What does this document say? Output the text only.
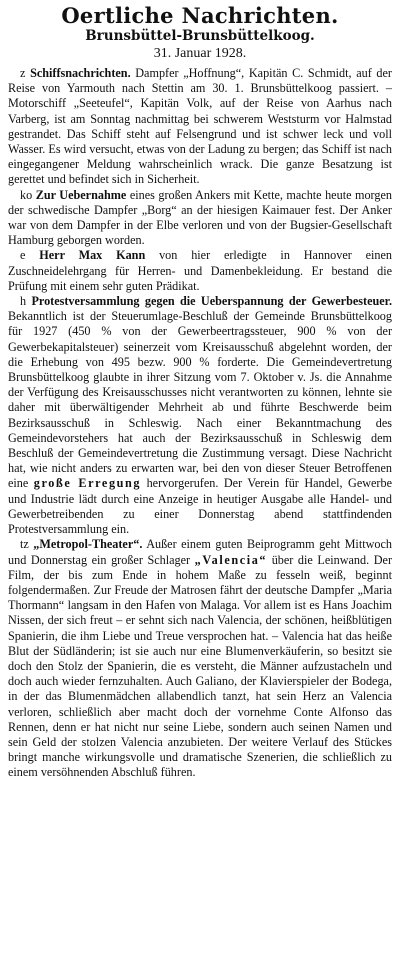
Oertliche Nachrichten.
Brunsbüttel-Brunsbüttelkoog.
31. Januar 1928.

z Schiffsnachrichten. Dampfer „Hoffnung“, Kapitän C. Schmidt, auf der Reise von Yarmouth nach Stettin am 30. 1. Brunsbüttelkoog passiert. – Motorschiff „Seeteufel“, Kapitän Volk, auf der Reise von Aarhus nach Varberg, ist am Sonntag nachmittag bei schwerem Weststurm vor Halmstad gestrandet. Das Schiff steht auf Felsengrund und ist schwer leck und voll Wasser. Es wird versucht, etwas von der Ladung zu bergen; das Schiff ist nach eingegangener Meldung wahrscheinlich wrack. Die ganze Besatzung ist gerettet und befindet sich in Sicherheit.

ko Zur Uebernahme eines großen Ankers mit Kette, machte heute morgen der schwedische Dampfer „Borg“ an der hiesigen Kaimauer fest. Der Anker war von dem Dampfer in der Elbe verloren und von der Bugsier-Gesellschaft Hamburg geborgen worden.

e Herr Max Kann von hier erledigte in Hannover einen Zuschneidelehrgang für Herren- und Damenbekleidung. Er bestand die Prüfung mit einem sehr guten Prädikat.

h Protestversammlung gegen die Ueberspannung der Gewerbesteuer. Bekanntlich ist der Steuerumlage-Beschluß der Gemeinde Brunsbüttelkoog für 1927 (450 % von der Gewerbeertragssteuer, 900 % von der Gewerbekapitalsteuer) seinerzeit vom Kreisausschuß abgelehnt worden, der die Erhebung von 495 bezw. 900 % forderte. Die Gemeindevertretung Brunsbüttelkoog glaubte in ihrer Sitzung vom 7. Oktober v. Js. die Annahme der Verfügung des Kreisausschusses nicht verantworten zu können, lehnte sie daher mit überwältigender Mehrheit ab und führte Beschwerde beim Bezirksausschuß in Schleswig. Nach einer Bekanntmachung des Gemeindevorstehers hat auch der Bezirksausschuß in Schleswig dem Beschluß der Gemeindevertretung die Zustimmung versagt. Diese Nachricht hat, wie nicht anders zu erwarten war, bei den von dieser Steuer Betroffenen eine große Erregung hervorgerufen. Der Verein für Handel, Gewerbe und Industrie lädt durch eine Anzeige in heutiger Ausgabe alle Handel- und Gewerbetreibenden zu einer Donnerstag abend stattfindenden Protestversammlung ein.

tz „Metropol-Theater“. Außer einem guten Beiprogramm geht Mittwoch und Donnerstag ein großer Schlager „Valencia“ über die Leinwand. Der Film, der bis zum Ende in hohem Maße zu fesseln weiß, beginnt folgendermaßen. Zur Freude der Matrosen fährt der deutsche Dampfer „Maria Thormann“ langsam in den Hafen von Malaga. Vor allem ist es Hans Joachim Nissen, der sich freut – er sehnt sich nach Valencia, der schönen, heißblütigen Spanierin, die ihm Liebe und Treue versprochen hat. – Valencia hat das heiße Blut der Südländerin; ist sie auch nur eine Blumenverkäuferin, so besitzt sie doch den Stolz der Spanierin, die es versteht, die Männer aufzustacheln und doch auch wieder fernzuhalten. Auch Galiano, der Klavierspieler der Bodega, in der das Blumenmädchen allabendlich tanzt, hat sein Herz an Valencia verloren, schließlich aber macht doch der vornehme Conte Alfonso das Rennen, denn er hat nicht nur seine Liebe, sondern auch seinen Namen und sein Geld der stolzen Valencia anzubieten. Der weitere Verlauf des Stückes bringt manche wirkungsvolle und dramatische Szenerien, die schließlich zu einem versöhnenden Abschluß führen.
